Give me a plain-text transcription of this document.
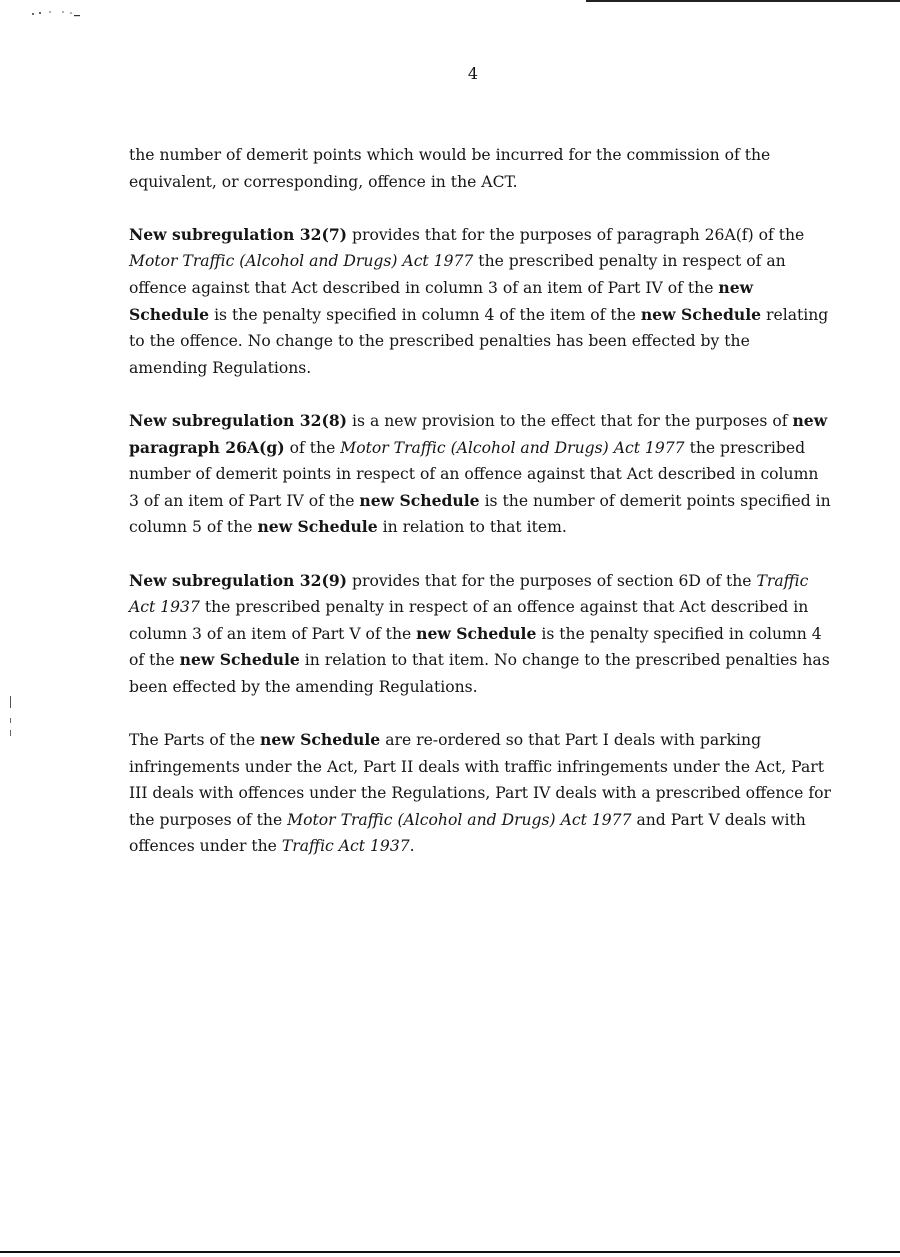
4

the number of demerit points which would be incurred for the commission of the equivalent, or corresponding, offence in the ACT.

New subregulation 32(7) provides that for the purposes of paragraph 26A(f) of the Motor Traffic (Alcohol and Drugs) Act 1977 the prescribed penalty in respect of an offence against that Act described in column 3 of an item of Part IV of the new Schedule is the penalty specified in column 4 of the item of the new Schedule relating to the offence. No change to the prescribed penalties has been effected by the amending Regulations.

New subregulation 32(8) is a new provision to the effect that for the purposes of new paragraph 26A(g) of the Motor Traffic (Alcohol and Drugs) Act 1977 the prescribed number of demerit points in respect of an offence against that Act described in column 3 of an item of Part IV of the new Schedule is the number of demerit points specified in column 5 of the new Schedule in relation to that item.

New subregulation 32(9) provides that for the purposes of section 6D of the Traffic Act 1937 the prescribed penalty in respect of an offence against that Act described in column 3 of an item of Part V of the new Schedule is the penalty specified in column 4 of the new Schedule in relation to that item. No change to the prescribed penalties has been effected by the amending Regulations.

The Parts of the new Schedule are re-ordered so that Part I deals with parking infringements under the Act, Part II deals with traffic infringements under the Act, Part III deals with offences under the Regulations, Part IV deals with a prescribed offence for the purposes of the Motor Traffic (Alcohol and Drugs) Act 1977 and Part V deals with offences under the Traffic Act 1937.
